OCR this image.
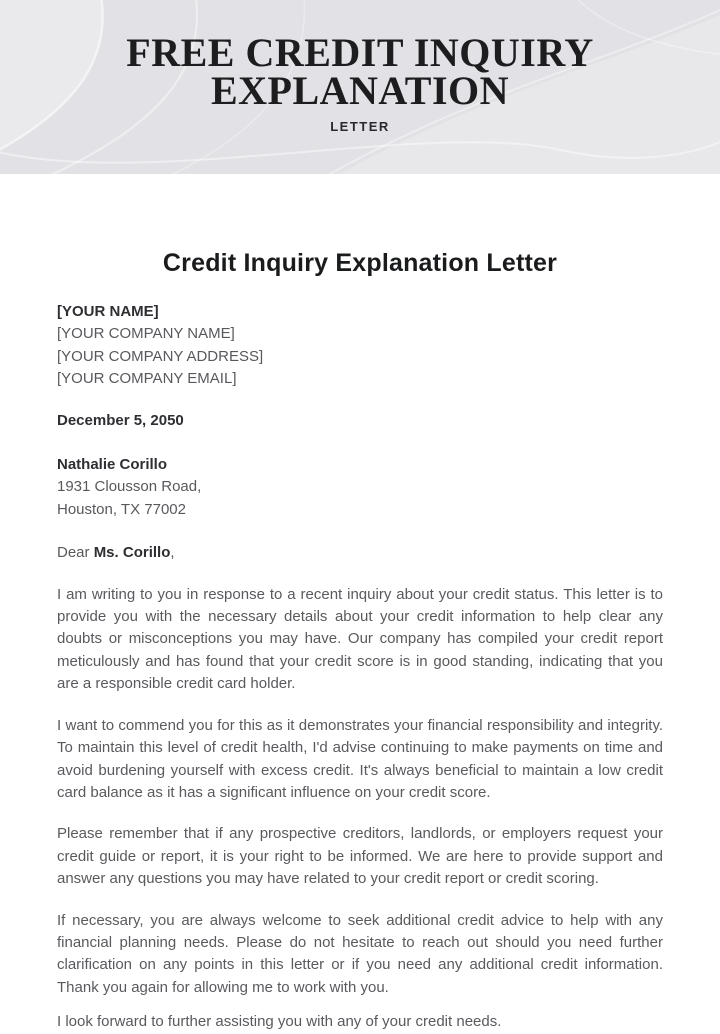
FREE CREDIT INQUIRY
EXPLANATION
LETTER
Credit Inquiry Explanation Letter
[YOUR NAME]
[YOUR COMPANY NAME]
[YOUR COMPANY ADDRESS]
[YOUR COMPANY EMAIL]
December 5, 2050
Nathalie Corillo
1931 Clousson Road,
Houston, TX 77002
Dear Ms. Corillo,

I am writing to you in response to a recent inquiry about your credit status. This letter is to provide you with the necessary details about your credit information to help clear any doubts or misconceptions you may have. Our company has compiled your credit report meticulously and has found that your credit score is in good standing, indicating that you are a responsible credit card holder.

I want to commend you for this as it demonstrates your financial responsibility and integrity. To maintain this level of credit health, I'd advise continuing to make payments on time and avoid burdening yourself with excess credit. It's always beneficial to maintain a low credit card balance as it has a significant influence on your credit score.

Please remember that if any prospective creditors, landlords, or employers request your credit guide or report, it is your right to be informed. We are here to provide support and answer any questions you may have related to your credit report or credit scoring.

If necessary, you are always welcome to seek additional credit advice to help with any financial planning needs. Please do not hesitate to reach out should you need further clarification on any points in this letter or if you need any additional credit information. Thank you again for allowing me to work with you.

I look forward to further assisting you with any of your credit needs.
